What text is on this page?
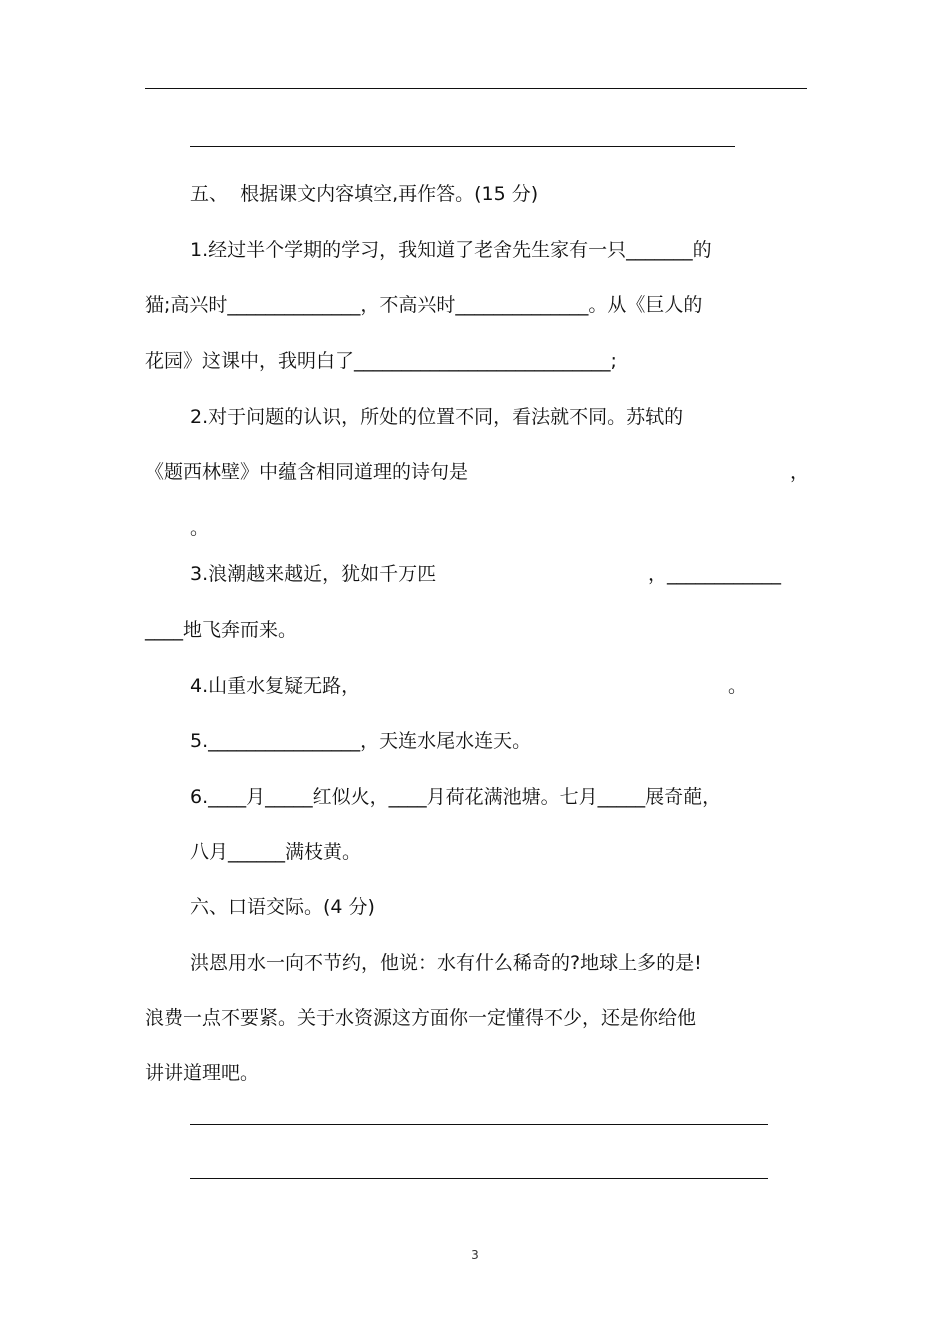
五、  根据课文内容填空,再作答。(15 分)
1.经过半个学期的学习，我知道了老舍先生家有一只_______的
猫;高兴时______________，不高兴时______________。从《巨人的
花园》这课中，我明白了___________________________;
2.对于问题的认识，所处的位置不同，看法就不同。苏轼的
《题西林壁》中蕴含相同道理的诗句是	，
。
3.浪潮越来越近，犹如千万匹	，____________
____地飞奔而来。
4.山重水复疑无路，	。
5.________________，天连水尾水连天。
6.____月_____红似火，____月荷花满池塘。七月_____展奇葩，
八月______满枝黄。
六、口语交际。(4 分)
洪恩用水一向不节约，他说：水有什么稀奇的?地球上多的是!
浪费一点不要紧。关于水资源这方面你一定懂得不少，还是你给他
讲讲道理吧。
3
